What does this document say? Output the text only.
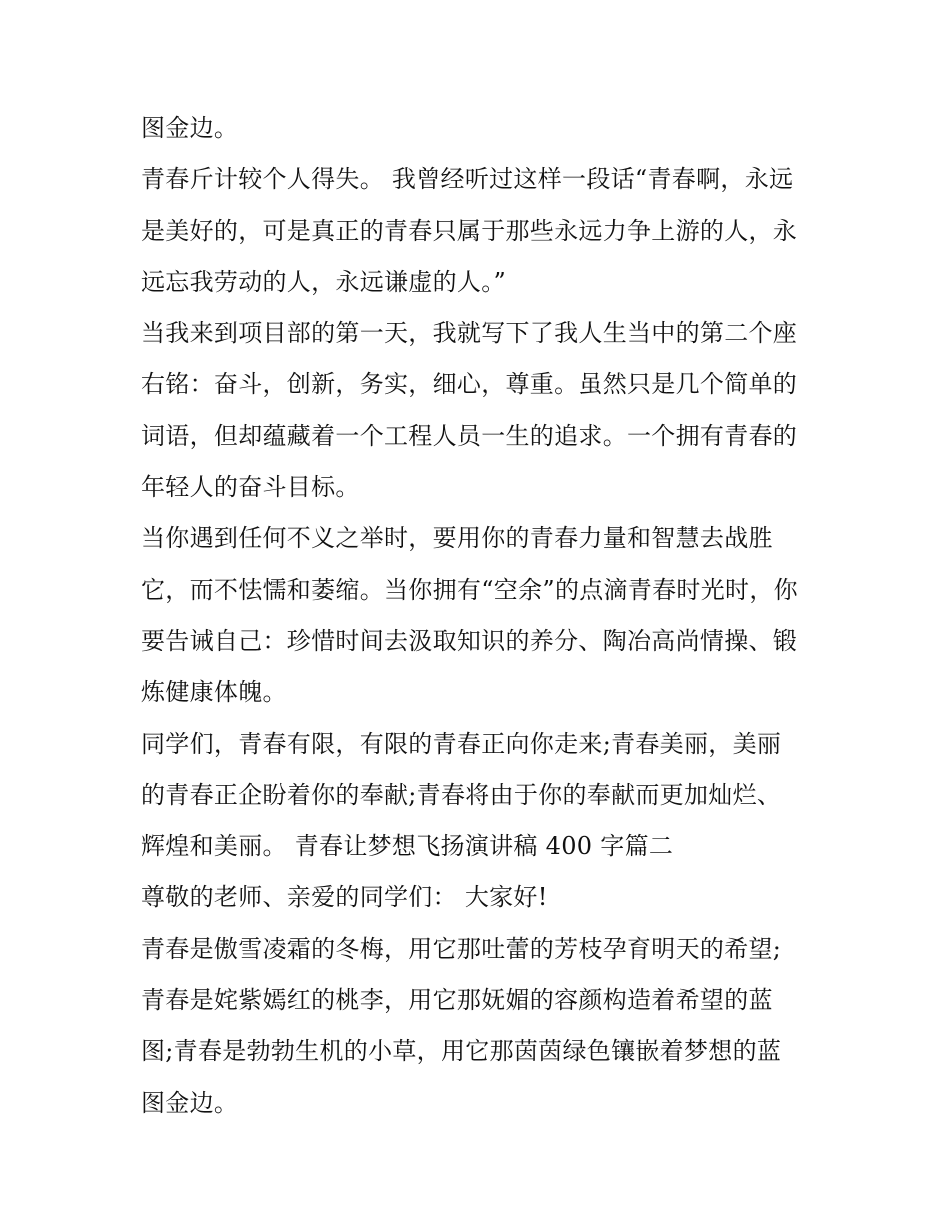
图金边。
青春斤计较个人得失。 我曾经听过这样一段话“青春啊，永远
是美好的，可是真正的青春只属于那些永远力争上游的人，永
远忘我劳动的人，永远谦虚的人。”
当我来到项目部的第一天，我就写下了我人生当中的第二个座
右铭：奋斗，创新，务实，细心，尊重。虽然只是几个简单的
词语，但却蕴藏着一个工程人员一生的追求。一个拥有青春的
年轻人的奋斗目标。
当你遇到任何不义之举时，要用你的青春力量和智慧去战胜
它，而不怯懦和萎缩。当你拥有“空余”的点滴青春时光时，你
要告诫自己：珍惜时间去汲取知识的养分、陶冶高尚情操、锻
炼健康体魄。
同学们，青春有限，有限的青春正向你走来;青春美丽，美丽
的青春正企盼着你的奉献;青春将由于你的奉献而更加灿烂、
辉煌和美丽。 青春让梦想飞扬演讲稿 400 字篇二
尊敬的老师、亲爱的同学们： 大家好!
青春是傲雪凌霜的冬梅，用它那吐蕾的芳枝孕育明天的希望;
青春是姹紫嫣红的桃李，用它那妩媚的容颜构造着希望的蓝
图;青春是勃勃生机的小草，用它那茵茵绿色镶嵌着梦想的蓝
图金边。
